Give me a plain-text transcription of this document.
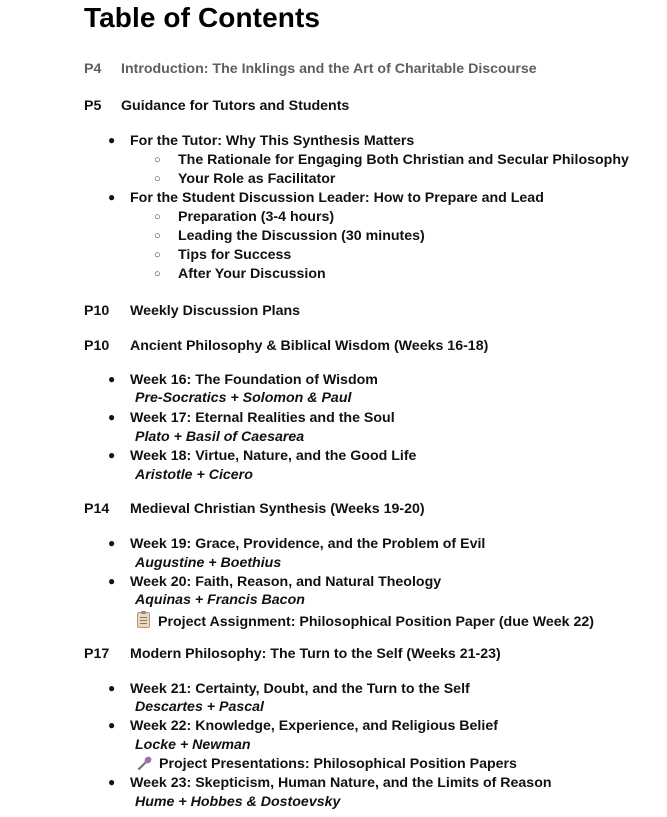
Table of Contents
P4 Introduction: The Inklings and the Art of Charitable Discourse
P5 Guidance for Tutors and Students
● For the Tutor: Why This Synthesis Matters
○ The Rationale for Engaging Both Christian and Secular Philosophy
○ Your Role as Facilitator
● For the Student Discussion Leader: How to Prepare and Lead
○ Preparation (3-4 hours)
○ Leading the Discussion (30 minutes)
○ Tips for Success
○ After Your Discussion
P10 Weekly Discussion Plans
P10 Ancient Philosophy & Biblical Wisdom (Weeks 16-18)
● Week 16: The Foundation of Wisdom
Pre-Socratics + Solomon & Paul
● Week 17: Eternal Realities and the Soul
Plato + Basil of Caesarea
● Week 18: Virtue, Nature, and the Good Life
Aristotle + Cicero
P14 Medieval Christian Synthesis (Weeks 19-20)
● Week 19: Grace, Providence, and the Problem of Evil
Augustine + Boethius
● Week 20: Faith, Reason, and Natural Theology
Aquinas + Francis Bacon
Project Assignment: Philosophical Position Paper (due Week 22)
P17 Modern Philosophy: The Turn to the Self (Weeks 21-23)
● Week 21: Certainty, Doubt, and the Turn to the Self
Descartes + Pascal
● Week 22: Knowledge, Experience, and Religious Belief
Locke + Newman
Project Presentations: Philosophical Position Papers
● Week 23: Skepticism, Human Nature, and the Limits of Reason
Hume + Hobbes & Dostoevsky
